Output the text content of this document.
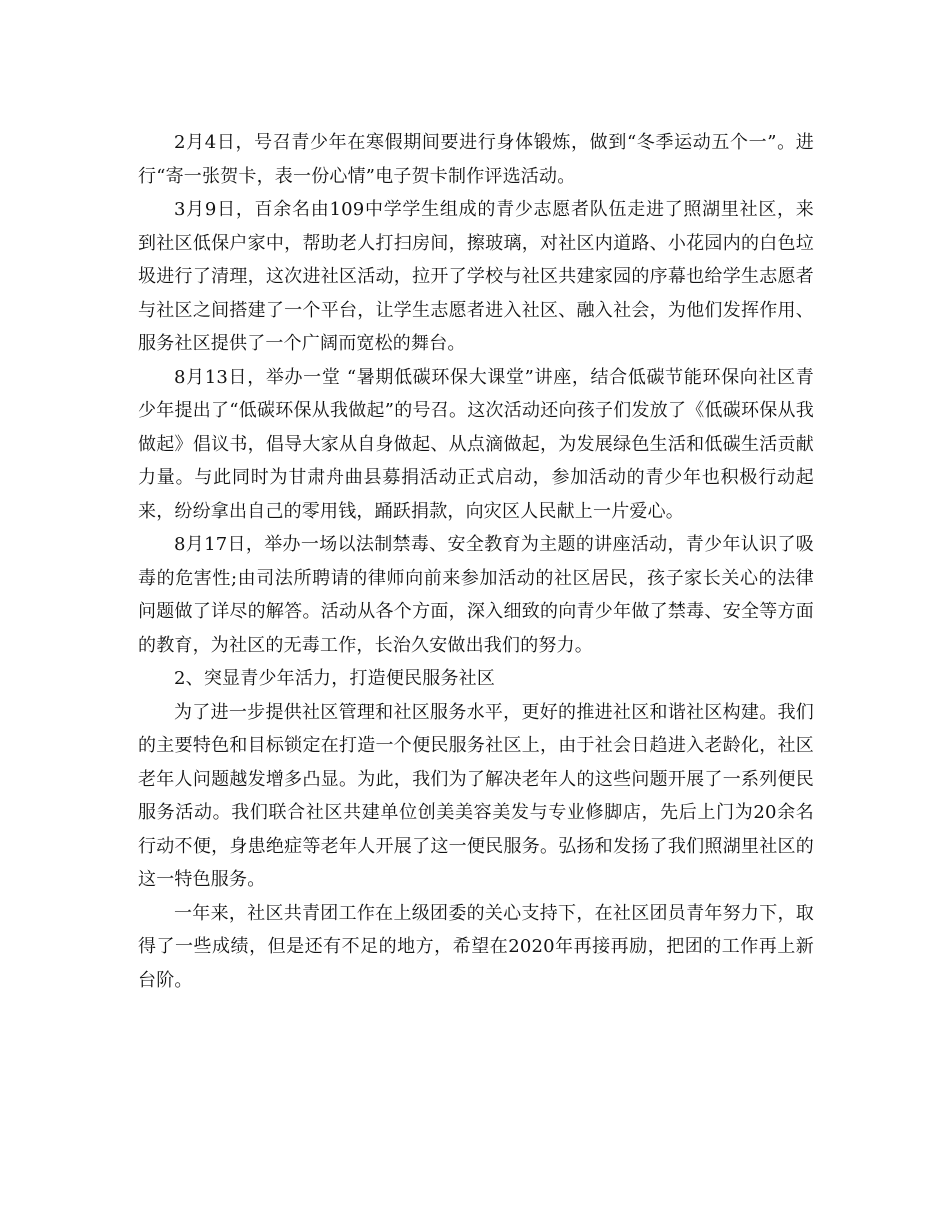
2月4日，号召青少年在寒假期间要进行身体锻炼，做到“冬季运动五个一”。进行“寄一张贺卡，表一份心情”电子贺卡制作评选活动。

3月9日，百余名由109中学学生组成的青少志愿者队伍走进了照湖里社区，来到社区低保户家中，帮助老人打扫房间，擦玻璃，对社区内道路、小花园内的白色垃圾进行了清理，这次进社区活动，拉开了学校与社区共建家园的序幕也给学生志愿者与社区之间搭建了一个平台，让学生志愿者进入社区、融入社会，为他们发挥作用、服务社区提供了一个广阔而宽松的舞台。

8月13日，举办一堂 “暑期低碳环保大课堂”讲座，结合低碳节能环保向社区青少年提出了“低碳环保从我做起”的号召。这次活动还向孩子们发放了《低碳环保从我做起》倡议书，倡导大家从自身做起、从点滴做起，为发展绿色生活和低碳生活贡献力量。与此同时为甘肃舟曲县募捐活动正式启动，参加活动的青少年也积极行动起来，纷纷拿出自己的零用钱，踊跃捐款，向灾区人民献上一片爱心。

8月17日，举办一场以法制禁毒、安全教育为主题的讲座活动，青少年认识了吸毒的危害性;由司法所聘请的律师向前来参加活动的社区居民，孩子家长关心的法律问题做了详尽的解答。活动从各个方面，深入细致的向青少年做了禁毒、安全等方面的教育，为社区的无毒工作，长治久安做出我们的努力。

2、突显青少年活力，打造便民服务社区

为了进一步提供社区管理和社区服务水平，更好的推进社区和谐社区构建。我们的主要特色和目标锁定在打造一个便民服务社区上，由于社会日趋进入老龄化，社区老年人问题越发增多凸显。为此，我们为了解决老年人的这些问题开展了一系列便民服务活动。我们联合社区共建单位创美美容美发与专业修脚店，先后上门为20余名行动不便，身患绝症等老年人开展了这一便民服务。弘扬和发扬了我们照湖里社区的这一特色服务。

一年来，社区共青团工作在上级团委的关心支持下，在社区团员青年努力下，取得了一些成绩，但是还有不足的地方，希望在2020年再接再励，把团的工作再上新台阶。
